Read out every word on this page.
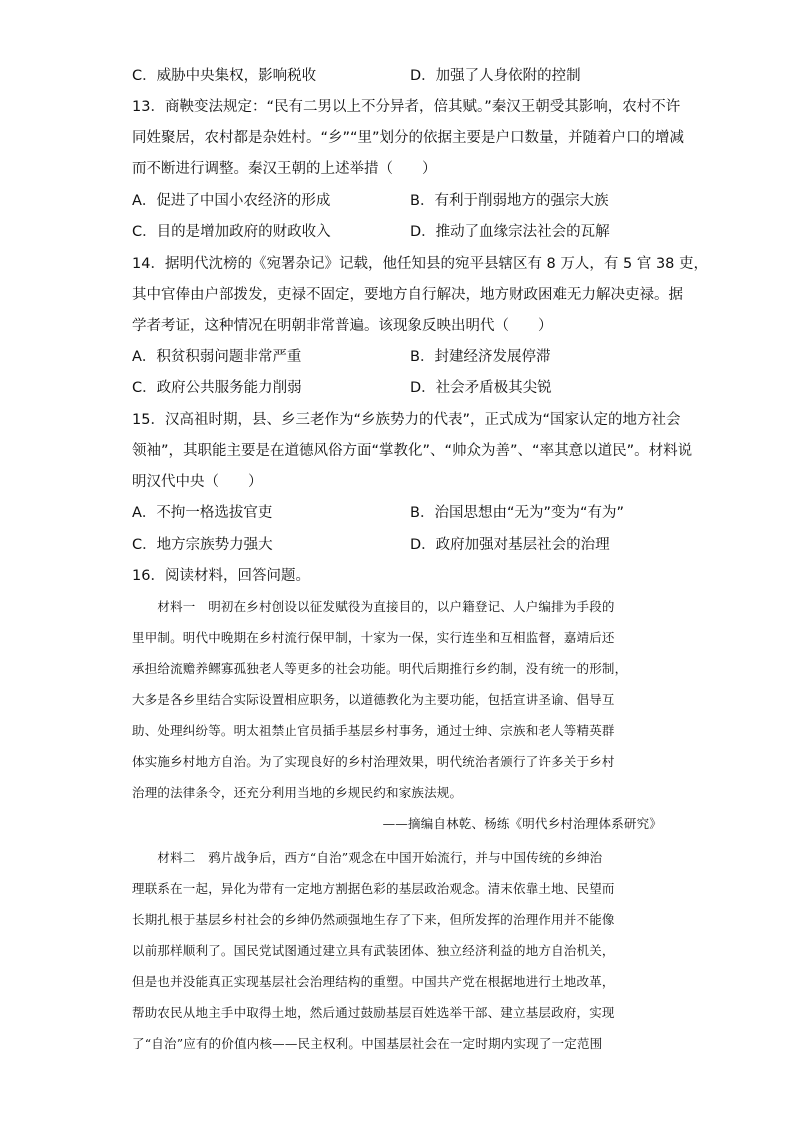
C．威胁中央集权，影响税收	D．加强了人身依附的控制
13．商鞅变法规定：“民有二男以上不分异者，倍其赋。”秦汉王朝受其影响，农村不许
同姓聚居，农村都是杂姓村。“乡”“里”划分的依据主要是户口数量，并随着户口的增减
而不断进行调整。秦汉王朝的上述举措（　　）
A．促进了中国小农经济的形成	B．有利于削弱地方的强宗大族
C．目的是增加政府的财政收入	D．推动了血缘宗法社会的瓦解
14．据明代沈榜的《宛署杂记》记载，他任知县的宛平县辖区有 8 万人，有 5 官 38 吏，
其中官俸由户部拨发，吏禄不固定，要地方自行解决，地方财政困难无力解决吏禄。据
学者考证，这种情况在明朝非常普遍。该现象反映出明代（　　）
A．积贫积弱问题非常严重	B．封建经济发展停滞
C．政府公共服务能力削弱	D．社会矛盾极其尖锐
15．汉高祖时期，县、乡三老作为“乡族势力的代表”，正式成为“国家认定的地方社会
领袖”，其职能主要是在道德风俗方面“掌教化”、“帅众为善”、“率其意以道民”。材料说
明汉代中央（　　）
A．不拘一格选拔官吏	B．治国思想由“无为”变为“有为”
C．地方宗族势力强大	D．政府加强对基层社会的治理
16．阅读材料，回答问题。
　　材料一　明初在乡村创设以征发赋役为直接目的，以户籍登记、人户编排为手段的
里甲制。明代中晚期在乡村流行保甲制，十家为一保，实行连坐和互相监督，嘉靖后还
承担给流赡养鳏寡孤独老人等更多的社会功能。明代后期推行乡约制，没有统一的形制，
大多是各乡里结合实际设置相应职务，以道德教化为主要功能，包括宣讲圣谕、倡导互
助、处理纠纷等。明太祖禁止官员插手基层乡村事务，通过士绅、宗族和老人等精英群
体实施乡村地方自治。为了实现良好的乡村治理效果，明代统治者颁行了许多关于乡村
治理的法律条令，还充分利用当地的乡规民约和家族法规。
——摘编自林乾、杨练《明代乡村治理体系研究》
　　材料二　鸦片战争后，西方“自治”观念在中国开始流行，并与中国传统的乡绅治
理联系在一起，异化为带有一定地方割据色彩的基层政治观念。清末依靠土地、民望而
长期扎根于基层乡村社会的乡绅仍然顽强地生存了下来，但所发挥的治理作用并不能像
以前那样顺利了。国民党试图通过建立具有武装团体、独立经济利益的地方自治机关，
但是也并没能真正实现基层社会治理结构的重塑。中国共产党在根据地进行土地改革，
帮助农民从地主手中取得土地，然后通过鼓励基层百姓选举干部、建立基层政府，实现
了“自治”应有的价值内核——民主权利。中国基层社会在一定时期内实现了一定范围
